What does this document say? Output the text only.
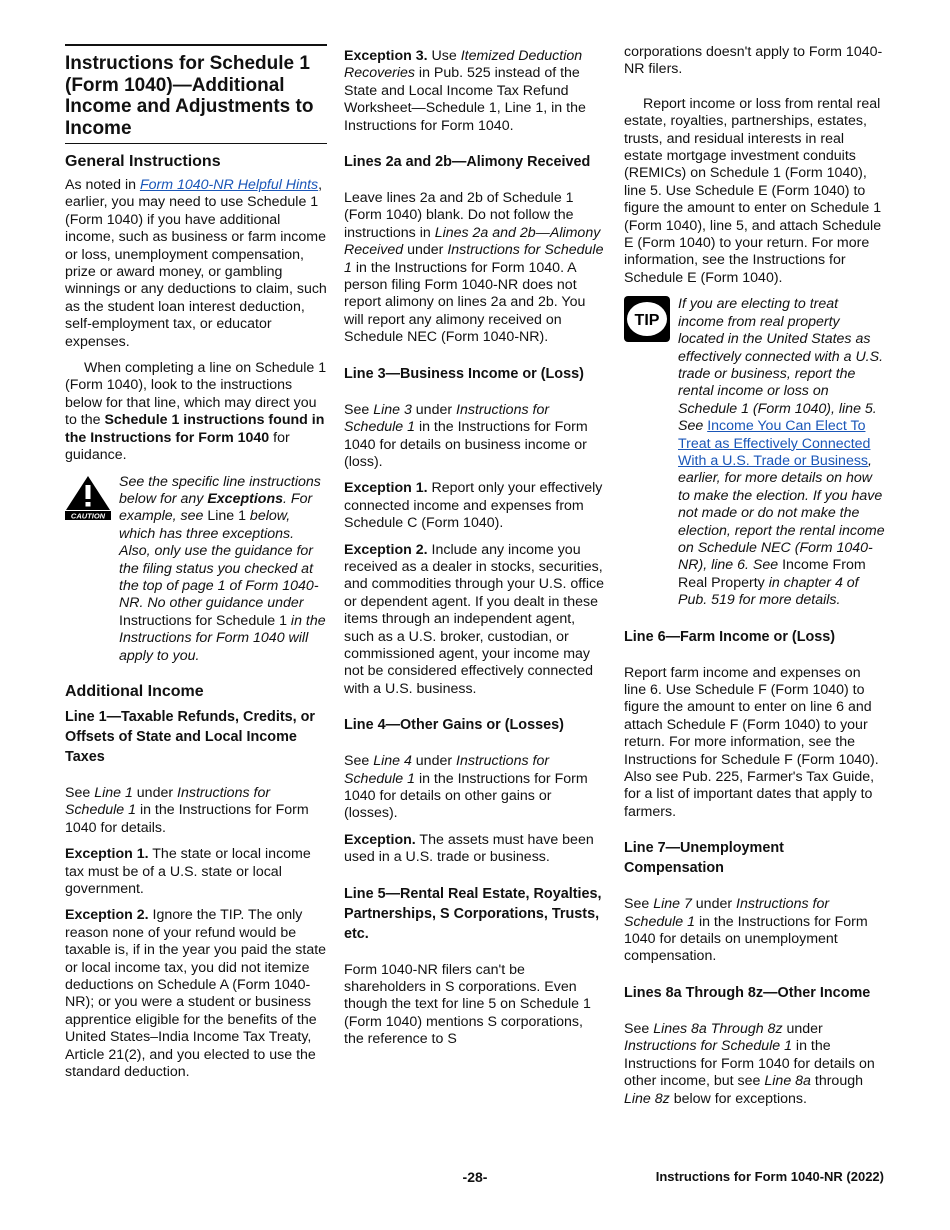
Instructions for Schedule 1 (Form 1040)—Additional Income and Adjustments to Income
General Instructions

As noted in Form 1040-NR Helpful Hints, earlier, you may need to use Schedule 1 (Form 1040) if you have additional income, such as business or farm income or loss, unemployment compensation, prize or award money, or gambling winnings or any deductions to claim, such as the student loan interest deduction, self-employment tax, or educator expenses.

When completing a line on Schedule 1 (Form 1040), look to the instructions below for that line, which may direct you to the Schedule 1 instructions found in the Instructions for Form 1040 for guidance.

CAUTION
See the specific line instructions below for any Exceptions. For example, see Line 1 below, which has three exceptions. Also, only use the guidance for the filing status you checked at the top of page 1 of Form 1040-NR. No other guidance under Instructions for Schedule 1 in the Instructions for Form 1040 will apply to you.
Additional Income
Line 1—Taxable Refunds, Credits, or Offsets of State and Local Income Taxes

See Line 1 under Instructions for Schedule 1 in the Instructions for Form 1040 for details.

Exception 1. The state or local income tax must be of a U.S. state or local government.

Exception 2. Ignore the TIP. The only reason none of your refund would be taxable is, if in the year you paid the state or local income tax, you did not itemize deductions on Schedule A (Form 1040-NR); or you were a student or business apprentice eligible for the benefits of the United States–India Income Tax Treaty, Article 21(2), and you elected to use the standard deduction.

Exception 3. Use Itemized Deduction Recoveries in Pub. 525 instead of the State and Local Income Tax Refund Worksheet—Schedule 1, Line 1, in the Instructions for Form 1040.

Lines 2a and 2b—Alimony Received

Leave lines 2a and 2b of Schedule 1 (Form 1040) blank. Do not follow the instructions in Lines 2a and 2b—Alimony Received under Instructions for Schedule 1 in the Instructions for Form 1040. A person filing Form 1040-NR does not report alimony on lines 2a and 2b. You will report any alimony received on Schedule NEC (Form 1040-NR).

Line 3—Business Income or (Loss)

See Line 3 under Instructions for Schedule 1 in the Instructions for Form 1040 for details on business income or (loss).

Exception 1. Report only your effectively connected income and expenses from Schedule C (Form 1040).

Exception 2. Include any income you received as a dealer in stocks, securities, and commodities through your U.S. office or dependent agent. If you dealt in these items through an independent agent, such as a U.S. broker, custodian, or commissioned agent, your income may not be considered effectively connected with a U.S. business.

Line 4—Other Gains or (Losses)

See Line 4 under Instructions for Schedule 1 in the Instructions for Form 1040 for details on other gains or (losses).

Exception. The assets must have been used in a U.S. trade or business.

Line 5—Rental Real Estate, Royalties, Partnerships, S Corporations, Trusts, etc.

Form 1040-NR filers can't be shareholders in S corporations. Even though the text for line 5 on Schedule 1 (Form 1040) mentions S corporations, the reference to S

corporations doesn't apply to Form 1040-NR filers.

Report income or loss from rental real estate, royalties, partnerships, estates, trusts, and residual interests in real estate mortgage investment conduits (REMICs) on Schedule 1 (Form 1040), line 5. Use Schedule E (Form 1040) to figure the amount to enter on Schedule 1 (Form 1040), line 5, and attach Schedule E (Form 1040) to your return. For more information, see the Instructions for Schedule E (Form 1040).

TIP

If you are electing to treat income from real property located in the United States as effectively connected with a U.S. trade or business, report the rental income or loss on Schedule 1 (Form 1040), line 5. See Income You Can Elect To Treat as Effectively Connected With a U.S. Trade or Business, earlier, for more details on how to make the election. If you have not made or do not make the election, report the rental income on Schedule NEC (Form 1040-NR), line 6. See Income From Real Property in chapter 4 of Pub. 519 for more details.

Line 6—Farm Income or (Loss)

Report farm income and expenses on line 6. Use Schedule F (Form 1040) to figure the amount to enter on line 6 and attach Schedule F (Form 1040) to your return. For more information, see the Instructions for Schedule F (Form 1040). Also see Pub. 225, Farmer's Tax Guide, for a list of important dates that apply to farmers.

Line 7—Unemployment Compensation

See Line 7 under Instructions for Schedule 1 in the Instructions for Form 1040 for details on unemployment compensation.

Lines 8a Through 8z—Other Income

See Lines 8a Through 8z under Instructions for Schedule 1 in the Instructions for Form 1040 for details on other income, but see Line 8a through Line 8z below for exceptions.

-28-	Instructions for Form 1040-NR (2022)
